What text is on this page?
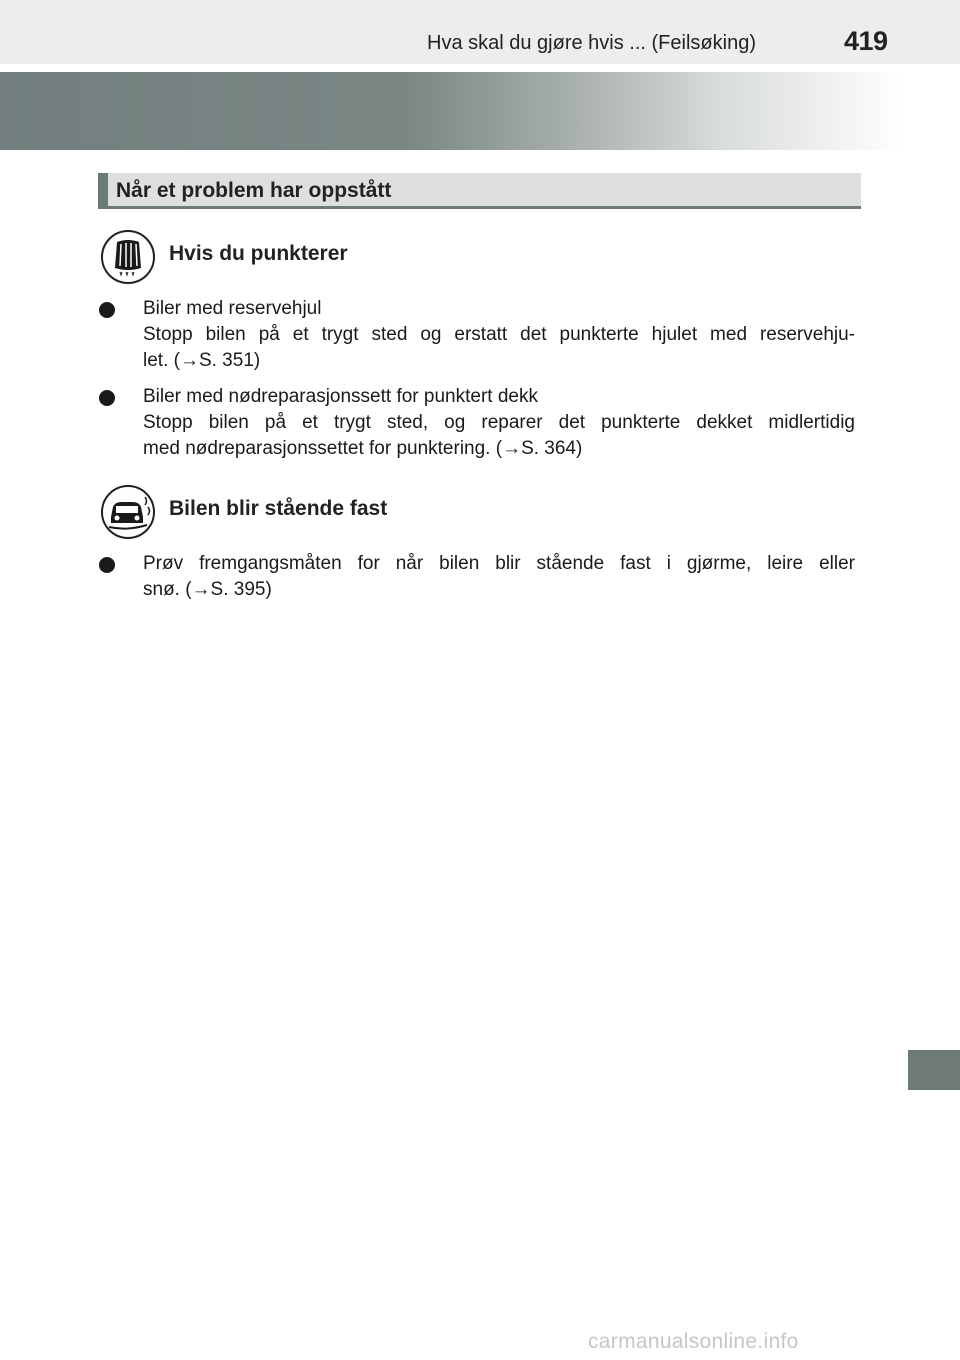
Hva skal du gjøre hvis ... (Feilsøking)	419
Når et problem har oppstått
Hvis du punkterer
Biler med reservehjul
Stopp bilen på et trygt sted og erstatt det punkterte hjulet med reservehju-
let. (→S. 351)
Biler med nødreparasjonssett for punktert dekk
Stopp bilen på et trygt sted, og reparer det punkterte dekket midlertidig
med nødreparasjonssettet for punktering. (→S. 364)
Bilen blir stående fast
Prøv fremgangsmåten for når bilen blir stående fast i gjørme, leire eller
snø. (→S. 395)
carmanualsonline.info
